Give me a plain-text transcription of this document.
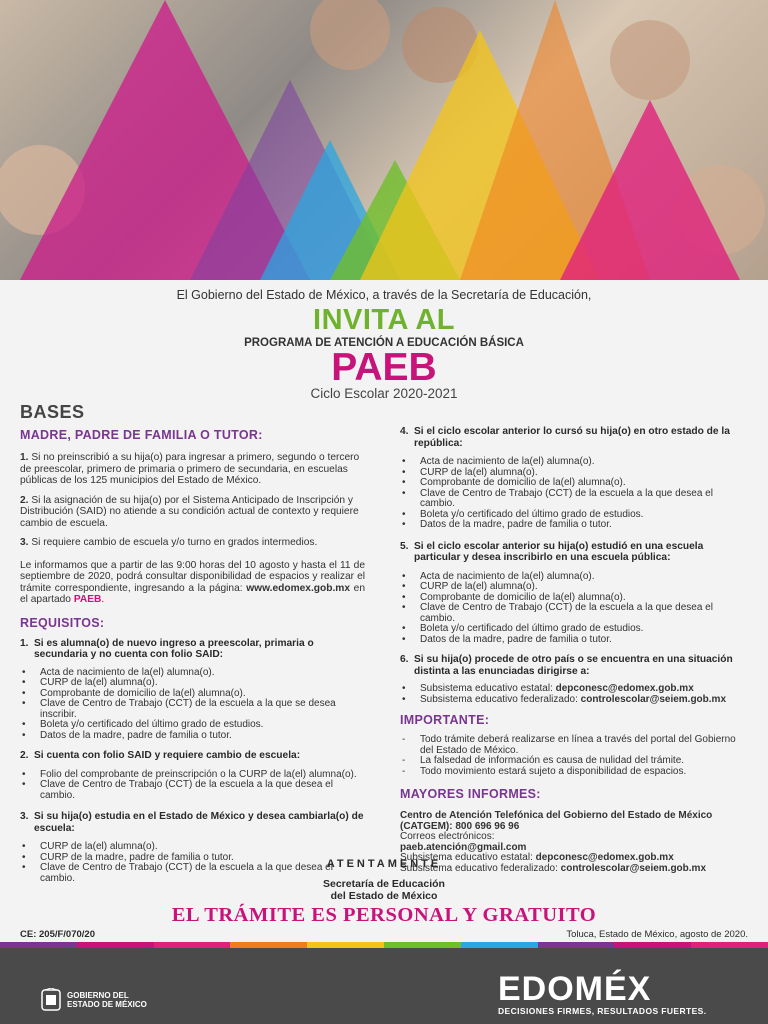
El Gobierno del Estado de México, a través de la Secretaría de Educación,
INVITA AL
PROGRAMA DE ATENCIÓN A EDUCACIÓN BÁSICA
PAEB
Ciclo Escolar 2020-2021
BASES
MADRE, PADRE DE FAMILIA O TUTOR:
1. Si no preinscribió a su hija(o) para ingresar a primero, segundo o tercero de preescolar, primero de primaria o primero de secundaria, en escuelas públicas de los 125 municipios del Estado de México.
2. Si la asignación de su hija(o) por el Sistema Anticipado de Inscripción y Distribución (SAID) no atiende a su condición actual de contexto y requiere cambio de escuela.
3. Si requiere cambio de escuela y/o turno en grados intermedios.
Le informamos que a partir de las 9:00 horas del 10 agosto y hasta el 11 de septiembre de 2020, podrá consultar disponibilidad de espacios y realizar el trámite correspondiente, ingresando a la página: www.edomex.gob.mx en el apartado PAEB.
REQUISITOS:
1. Si es alumna(o) de nuevo ingreso a preescolar, primaria o secundaria y no cuenta con folio SAID:
• Acta de nacimiento de la(el) alumna(o).
• CURP de la(el) alumna(o).
• Comprobante de domicilio de la(el) alumna(o).
• Clave de Centro de Trabajo (CCT) de la escuela a la que se desea inscribir.
• Boleta y/o certificado del último grado de estudios.
• Datos de la madre, padre de familia o tutor.
2. Si cuenta con folio SAID y requiere cambio de escuela:
• Folio del comprobante de preinscripción o la CURP de la(el) alumna(o).
• Clave de Centro de Trabajo (CCT) de la escuela a la que desea el cambio.
3. Si su hija(o) estudia en el Estado de México y desea cambiarla(o) de escuela:
• CURP de la(el) alumna(o).
• CURP de la madre, padre de familia o tutor.
• Clave de Centro de Trabajo (CCT) de la escuela a la que desea el cambio.
4. Si el ciclo escolar anterior lo cursó su hija(o) en otro estado de la república:
• Acta de nacimiento de la(el) alumna(o).
• CURP de la(el) alumna(o).
• Comprobante de domicilio de la(el) alumna(o).
• Clave de Centro de Trabajo (CCT) de la escuela a la que desea el cambio.
• Boleta y/o certificado del último grado de estudios.
• Datos de la madre, padre de familia o tutor.
5. Si el ciclo escolar anterior su hija(o) estudió en una escuela particular y desea inscribirlo en una escuela pública:
• Acta de nacimiento de la(el) alumna(o).
• CURP de la(el) alumna(o).
• Comprobante de domicilio de la(el) alumna(o).
• Clave de Centro de Trabajo (CCT) de la escuela a la que desea el cambio.
• Boleta y/o certificado del último grado de estudios.
• Datos de la madre, padre de familia o tutor.
6. Si su hija(o) procede de otro país o se encuentra en una situación distinta a las enunciadas dirigirse a:
• Subsistema educativo estatal: depconesc@edomex.gob.mx
• Subsistema educativo federalizado: controlescolar@seiem.gob.mx
IMPORTANTE:
- Todo trámite deberá realizarse en línea a través del portal del Gobierno del Estado de México.
- La falsedad de información es causa de nulidad del trámite.
- Todo movimiento estará sujeto a disponibilidad de espacios.
MAYORES INFORMES:
Centro de Atención Telefónica del Gobierno del Estado de México (CATGEM): 800 696 96 96
Correos electrónicos:
paeb.atención@gmail.com
Subsistema educativo estatal: depconesc@edomex.gob.mx
Subsistema educativo federalizado: controlescolar@seiem.gob.mx
ATENTAMENTE
Secretaría de Educación
del Estado de México
EL TRÁMITE ES PERSONAL Y GRATUITO
CE: 205/F/070/20	Toluca, Estado de México, agosto de 2020.
GOBIERNO DEL
ESTADO DE MÉXICO	EDOMÉX
DECISIONES FIRMES, RESULTADOS FUERTES.
